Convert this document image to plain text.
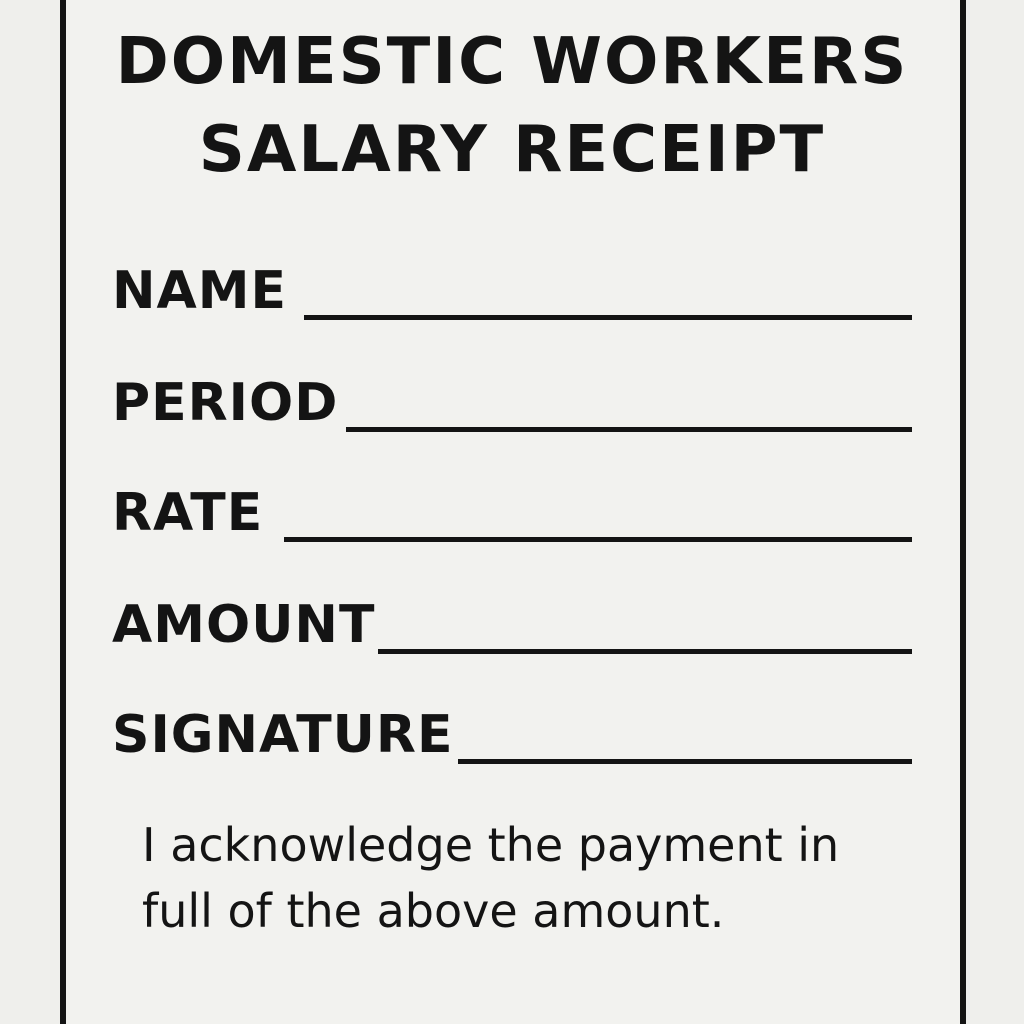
DOMESTIC WORKERS
SALARY RECEIPT
NAME
PERIOD
RATE
AMOUNT
SIGNATURE

I acknowledge the payment in
full of the above amount.
